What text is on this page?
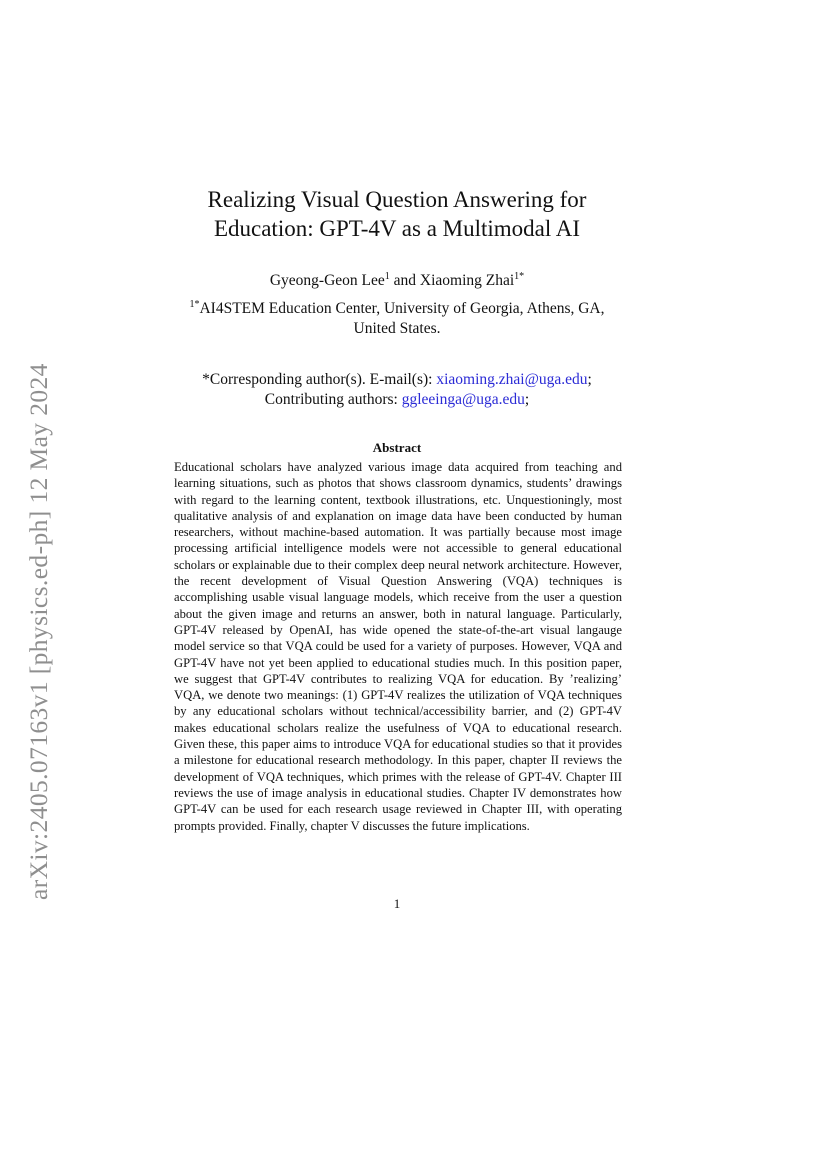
arXiv:2405.07163v1 [physics.ed-ph] 12 May 2024
Realizing Visual Question Answering for
Education: GPT-4V as a Multimodal AI
Gyeong-Geon Lee$^1$ and Xiaoming Zhai$^{1*}$
$^{1*}$AI4STEM Education Center, University of Georgia, Athens, GA,
United States.
*Corresponding author(s). E-mail(s): xiaoming.zhai@uga.edu;
Contributing authors: ggleeinga@uga.edu;
Abstract
Educational scholars have analyzed various image data acquired from teaching and learning situations, such as photos that shows classroom dynamics, students’ drawings with regard to the learning content, textbook illustrations, etc. Unquestioningly, most qualitative analysis of and explanation on image data have been conducted by human researchers, without machine-based automation. It was partially because most image processing artificial intelligence models were not accessible to general educational scholars or explainable due to their complex deep neural network architecture. However, the recent development of Visual Question Answering (VQA) techniques is accomplishing usable visual language models, which receive from the user a question about the given image and returns an answer, both in natural language. Particularly, GPT-4V released by OpenAI, has wide opened the state-of-the-art visual langauge model service so that VQA could be used for a variety of purposes. However, VQA and GPT-4V have not yet been applied to educational studies much. In this position paper, we suggest that GPT-4V contributes to realizing VQA for education. By ’realizing’ VQA, we denote two meanings: (1) GPT-4V realizes the utilization of VQA techniques by any educational scholars without technical/accessibility barrier, and (2) GPT-4V makes educational scholars realize the usefulness of VQA to educational research. Given these, this paper aims to introduce VQA for educational studies so that it provides a milestone for educational research methodology. In this paper, chapter II reviews the development of VQA techniques, which primes with the release of GPT-4V. Chapter III reviews the use of image analysis in educational studies. Chapter IV demonstrates how GPT-4V can be used for each research usage reviewed in Chapter III, with operating prompts provided. Finally, chapter V discusses the future implications.
1
